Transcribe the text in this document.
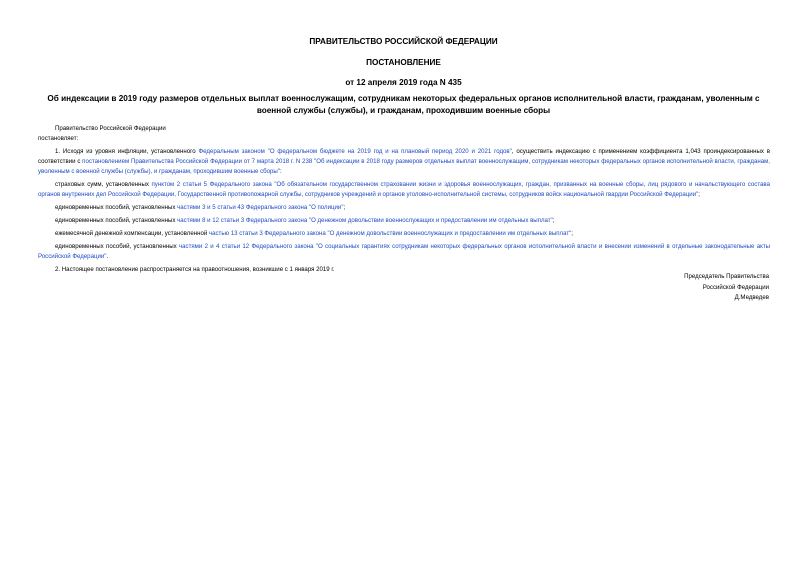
ПРАВИТЕЛЬСТВО РОССИЙСКОЙ ФЕДЕРАЦИИ
ПОСТАНОВЛЕНИЕ
от 12 апреля 2019 года N 435
Об индексации в 2019 году размеров отдельных выплат военнослужащим, сотрудникам некоторых федеральных органов исполнительной власти, гражданам, уволенным с военной службы (службы), и гражданам, проходившим военные сборы

Правительство Российской Федерации

постановляет:

1. Исходя из уровня инфляции, установленного Федеральным законом "О федеральном бюджете на 2019 год и на плановый период 2020 и 2021 годов", осуществить индексацию с применением коэффициента 1,043 проиндексированных в соответствии с постановлением Правительства Российской Федерации от 7 марта 2018 г. N 238 "Об индексации в 2018 году размеров отдельных выплат военнослужащим, сотрудникам некоторых федеральных органов исполнительной власти, гражданам, уволенным с военной службы (службы), и гражданам, проходившим военные сборы":

страховых сумм, установленных пунктом 2 статьи 5 Федерального закона "Об обязательном государственном страховании жизни и здоровья военнослужащих, граждан, призванных на военные сборы, лиц рядового и начальствующего состава органов внутренних дел Российской Федерации, Государственной противопожарной службы, сотрудников учреждений и органов уголовно-исполнительной системы, сотрудников войск национальной гвардии Российской Федерации";

единовременных пособий, установленных частями 3 и 5 статьи 43 Федерального закона "О полиции";

единовременных пособий, установленных частями 8 и 12 статьи 3 Федерального закона "О денежном довольствии военнослужащих и предоставлении им отдельных выплат";

ежемесячной денежной компенсации, установленной частью 13 статьи 3 Федерального закона "О денежном довольствии военнослужащих и предоставлении им отдельных выплат";

единовременных пособий, установленных частями 2 и 4 статьи 12 Федерального закона "О социальных гарантиях сотрудникам некоторых федеральных органов исполнительной власти и внесении изменений в отдельные законодательные акты Российской Федерации".

2. Настоящее постановление распространяется на правоотношения, возникшие с 1 января 2019 г.

Председатель Правительства
Российской Федерации
Д.Медведев
